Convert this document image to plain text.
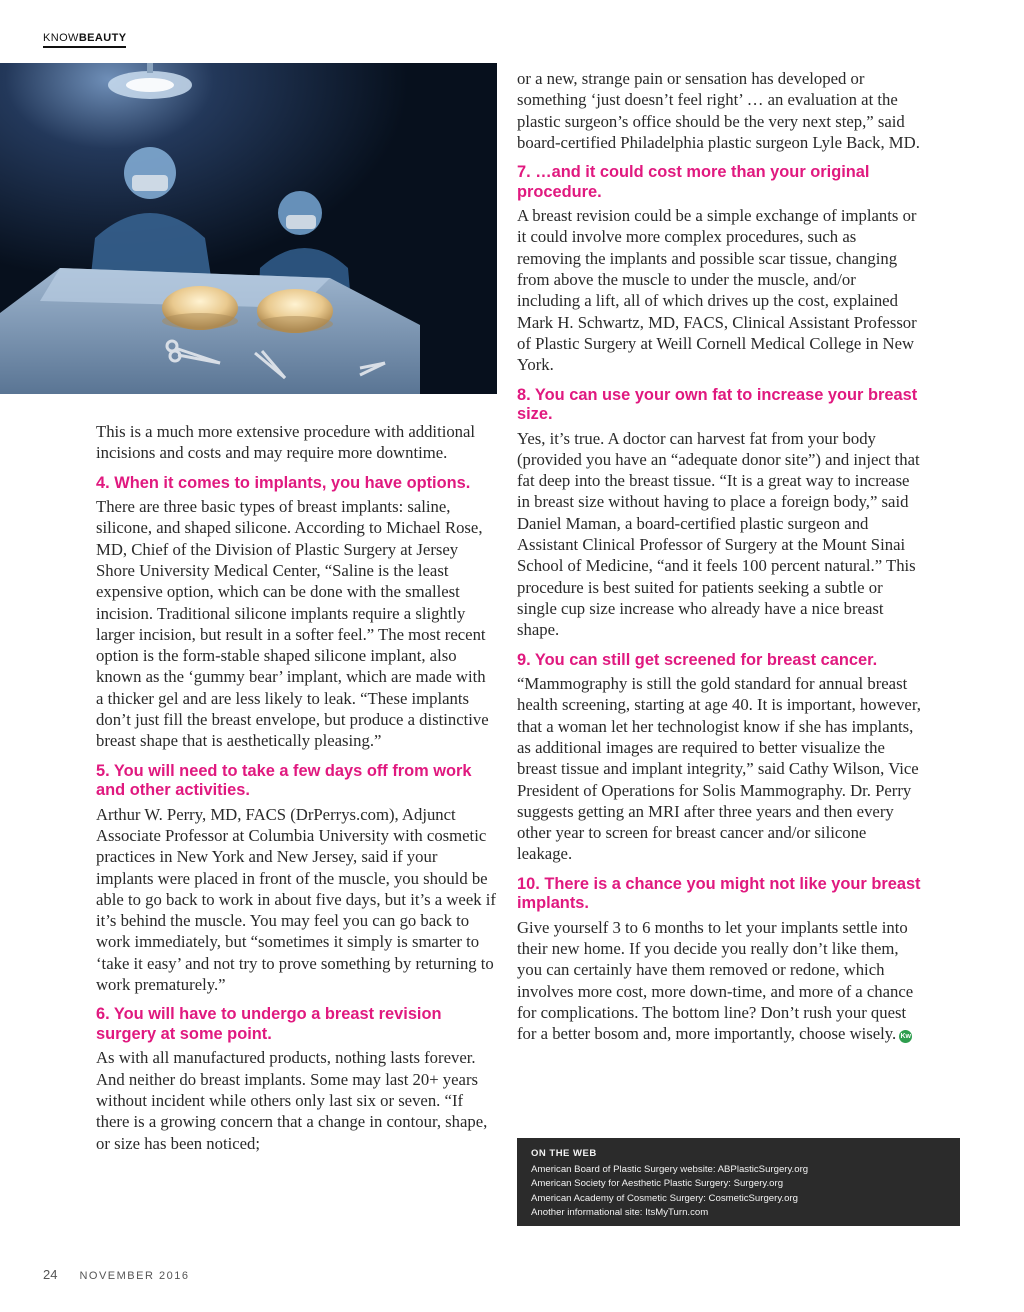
KNOWBEAUTY

This is a much more extensive procedure with additional incisions and costs and may require more downtime.

4. When it comes to implants, you have options.

There are three basic types of breast implants: saline, silicone, and shaped silicone. According to Michael Rose, MD, Chief of the Division of Plastic Surgery at Jersey Shore University Medical Center, “Saline is the least expensive option, which can be done with the smallest incision. Traditional silicone implants require a slightly larger incision, but result in a softer feel.” The most recent option is the form-stable shaped silicone implant, also known as the ‘gummy bear’ implant, which are made with a thicker gel and are less likely to leak. “These implants don’t just fill the breast envelope, but produce a distinctive breast shape that is aesthetically pleasing.”

5. You will need to take a few days off from work and other activities.

Arthur W. Perry, MD, FACS (DrPerrys.com), Adjunct Associate Professor at Columbia University with cosmetic practices in New York and New Jersey, said if your implants were placed in front of the muscle, you should be able to go back to work in about five days, but it’s a week if it’s behind the muscle. You may feel you can go back to work immediately, but “sometimes it simply is smarter to ‘take it easy’ and not try to prove something by returning to work prematurely.”

6. You will have to undergo a breast revision surgery at some point.

As with all manufactured products, nothing lasts forever. And neither do breast implants. Some may last 20+ years without incident while others only last six or seven. “If there is a growing concern that a change in contour, shape, or size has been noticed;

or a new, strange pain or sensation has developed or something ‘just doesn’t feel right’ … an evaluation at the plastic surgeon’s office should be the very next step,” said board-certified Philadelphia plastic surgeon Lyle Back, MD.

7. …and it could cost more than your original procedure.

A breast revision could be a simple exchange of implants or it could involve more complex procedures, such as removing the implants and possible scar tissue, changing from above the muscle to under the muscle, and/or including a lift, all of which drives up the cost, explained Mark H. Schwartz, MD, FACS, Clinical Assistant Professor of Plastic Surgery at Weill Cornell Medical College in New York.

8. You can use your own fat to increase your breast size.

Yes, it’s true. A doctor can harvest fat from your body (provided you have an “adequate donor site”) and inject that fat deep into the breast tissue. “It is a great way to increase in breast size without having to place a foreign body,” said Daniel Maman, a board-certified plastic surgeon and Assistant Clinical Professor of Surgery at the Mount Sinai School of Medicine, “and it feels 100 percent natural.” This procedure is best suited for patients seeking a subtle or single cup size increase who already have a nice breast shape.

9. You can still get screened for breast cancer.

“Mammography is still the gold standard for annual breast health screening, starting at age 40. It is important, however, that a woman let her technologist know if she has implants, as additional images are required to better visualize the breast tissue and implant integrity,” said Cathy Wilson, Vice President of Operations for Solis Mammography. Dr. Perry suggests getting an MRI after three years and then every other year to screen for breast cancer and/or silicone leakage.

10. There is a chance you might not like your breast implants.

Give yourself 3 to 6 months to let your implants settle into their new home. If you decide you really don’t like them, you can certainly have them removed or redone, which involves more cost, more down-time, and more of a chance for complications. The bottom line? Don’t rush your quest for a better bosom and, more importantly, choose wisely. Kw

ON THE WEB
American Board of Plastic Surgery website: ABPlasticSurgery.org
American Society for Aesthetic Plastic Surgery: Surgery.org
American Academy of Cosmetic Surgery: CosmeticSurgery.org
Another informational site: ItsMyTurn.com
24 NOVEMBER 2016
